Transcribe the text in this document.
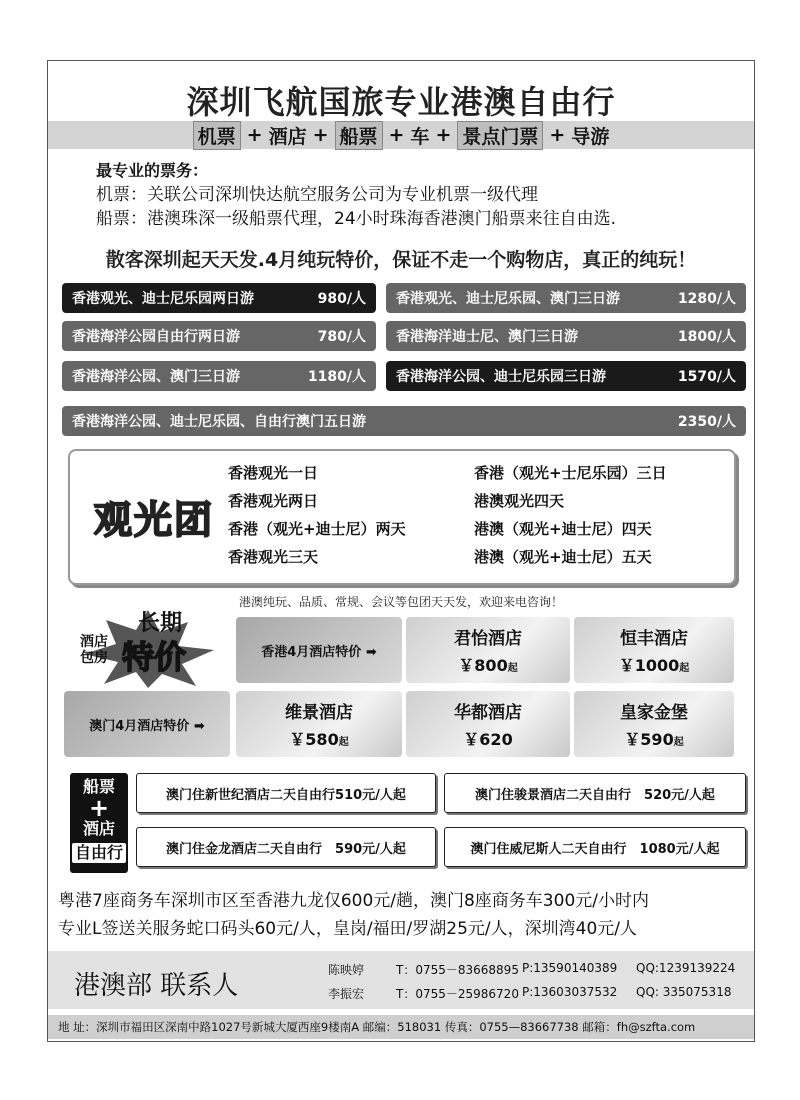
深圳飞航国旅专业港澳自由行
机票 + 酒店 + 船票 + 车 + 景点门票 + 导游
最专业的票务：
机票：关联公司深圳快达航空服务公司为专业机票一级代理
船票：港澳珠深一级船票代理，24小时珠海香港澳门船票来往自由选.
散客深圳起天天发.4月纯玩特价，保证不走一个购物店，真正的纯玩！
香港观光、迪士尼乐园两日游	980/人 香港观光、迪士尼乐园、澳门三日游	1280/人
香港海洋公园自由行两日游	780/人 香港海洋迪士尼、澳门三日游	1800/人
香港海洋公园、澳门三日游	1180/人 香港海洋公园、迪士尼乐园三日游	1570/人
香港海洋公园、迪士尼乐园、自由行澳门五日游	2350/人
观光团
香港观光一日
香港观光两日
香港（观光+迪士尼）两天
香港观光三天
香港（观光+士尼乐园）三日
港澳观光四天
港澳（观光+迪士尼）四天
港澳（观光+迪士尼）五天
港澳纯玩、品质、常规、会议等包团天天发，欢迎来电咨询！
长期
酒店
包房 特价	香港4月酒店特价 ➡
君怡酒店
￥800起
恒丰酒店
￥1000起
澳门4月酒店特价 ➡
维景酒店
￥580起
华都酒店
￥620
皇家金堡
￥590起
船票
+
酒店
自由行
澳门住新世纪酒店二天自由行510元/人起	澳门住骏景酒店二天自由行　520元/人起
澳门住金龙酒店二天自由行　590元/人起	澳门住威尼斯人二天自由行　1080元/人起
粤港7座商务车深圳市区至香港九龙仅600元/趟，澳门8座商务车300元/小时内
专业L签送关服务蛇口码头60元/人，皇岗/福田/罗湖25元/人，深圳湾40元/人
港澳部 联系人
陈映婷	T：0755－83668895 P:13590140389	QQ:1239139224
李振宏	T：0755－25986720 P:13603037532	QQ: 335075318
地 址：深圳市福田区深南中路1027号新城大厦西座9楼南A 邮编：518031 传真：0755—83667738 邮箱：fh@szfta.com
